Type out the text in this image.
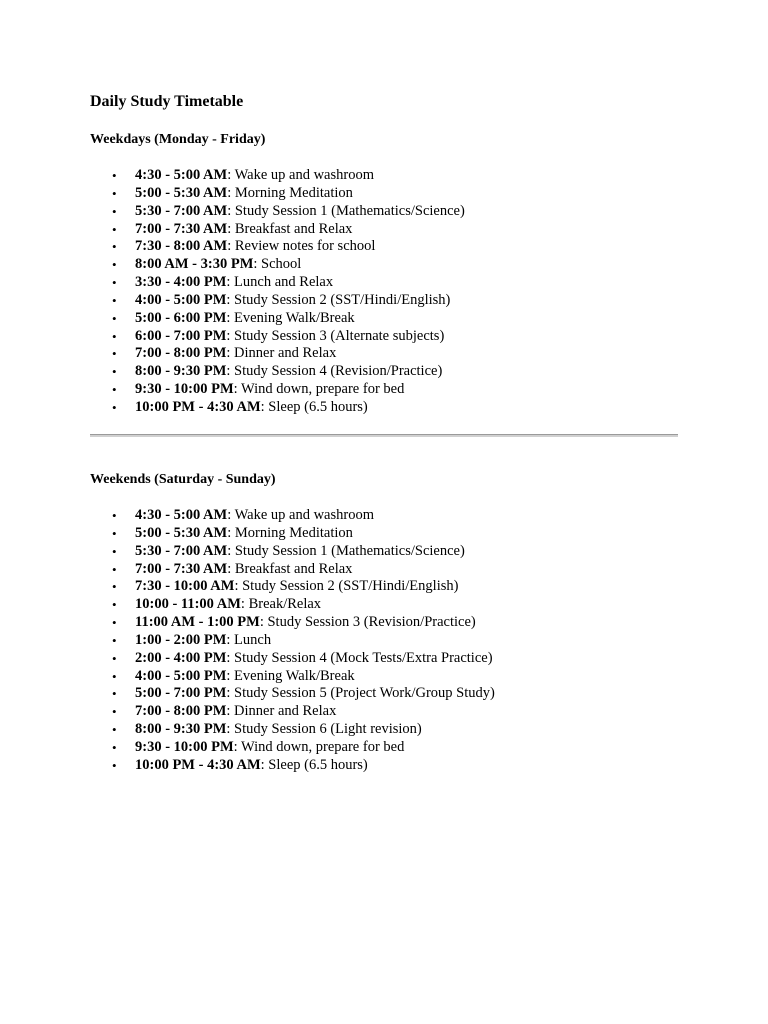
Daily Study Timetable
Weekdays (Monday - Friday)
• 4:30 - 5:00 AM: Wake up and washroom
• 5:00 - 5:30 AM: Morning Meditation
• 5:30 - 7:00 AM: Study Session 1 (Mathematics/Science)
• 7:00 - 7:30 AM: Breakfast and Relax
• 7:30 - 8:00 AM: Review notes for school
• 8:00 AM - 3:30 PM: School
• 3:30 - 4:00 PM: Lunch and Relax
• 4:00 - 5:00 PM: Study Session 2 (SST/Hindi/English)
• 5:00 - 6:00 PM: Evening Walk/Break
• 6:00 - 7:00 PM: Study Session 3 (Alternate subjects)
• 7:00 - 8:00 PM: Dinner and Relax
• 8:00 - 9:30 PM: Study Session 4 (Revision/Practice)
• 9:30 - 10:00 PM: Wind down, prepare for bed
• 10:00 PM - 4:30 AM: Sleep (6.5 hours)
Weekends (Saturday - Sunday)
• 4:30 - 5:00 AM: Wake up and washroom
• 5:00 - 5:30 AM: Morning Meditation
• 5:30 - 7:00 AM: Study Session 1 (Mathematics/Science)
• 7:00 - 7:30 AM: Breakfast and Relax
• 7:30 - 10:00 AM: Study Session 2 (SST/Hindi/English)
• 10:00 - 11:00 AM: Break/Relax
• 11:00 AM - 1:00 PM: Study Session 3 (Revision/Practice)
• 1:00 - 2:00 PM: Lunch
• 2:00 - 4:00 PM: Study Session 4 (Mock Tests/Extra Practice)
• 4:00 - 5:00 PM: Evening Walk/Break
• 5:00 - 7:00 PM: Study Session 5 (Project Work/Group Study)
• 7:00 - 8:00 PM: Dinner and Relax
• 8:00 - 9:30 PM: Study Session 6 (Light revision)
• 9:30 - 10:00 PM: Wind down, prepare for bed
• 10:00 PM - 4:30 AM: Sleep (6.5 hours)
